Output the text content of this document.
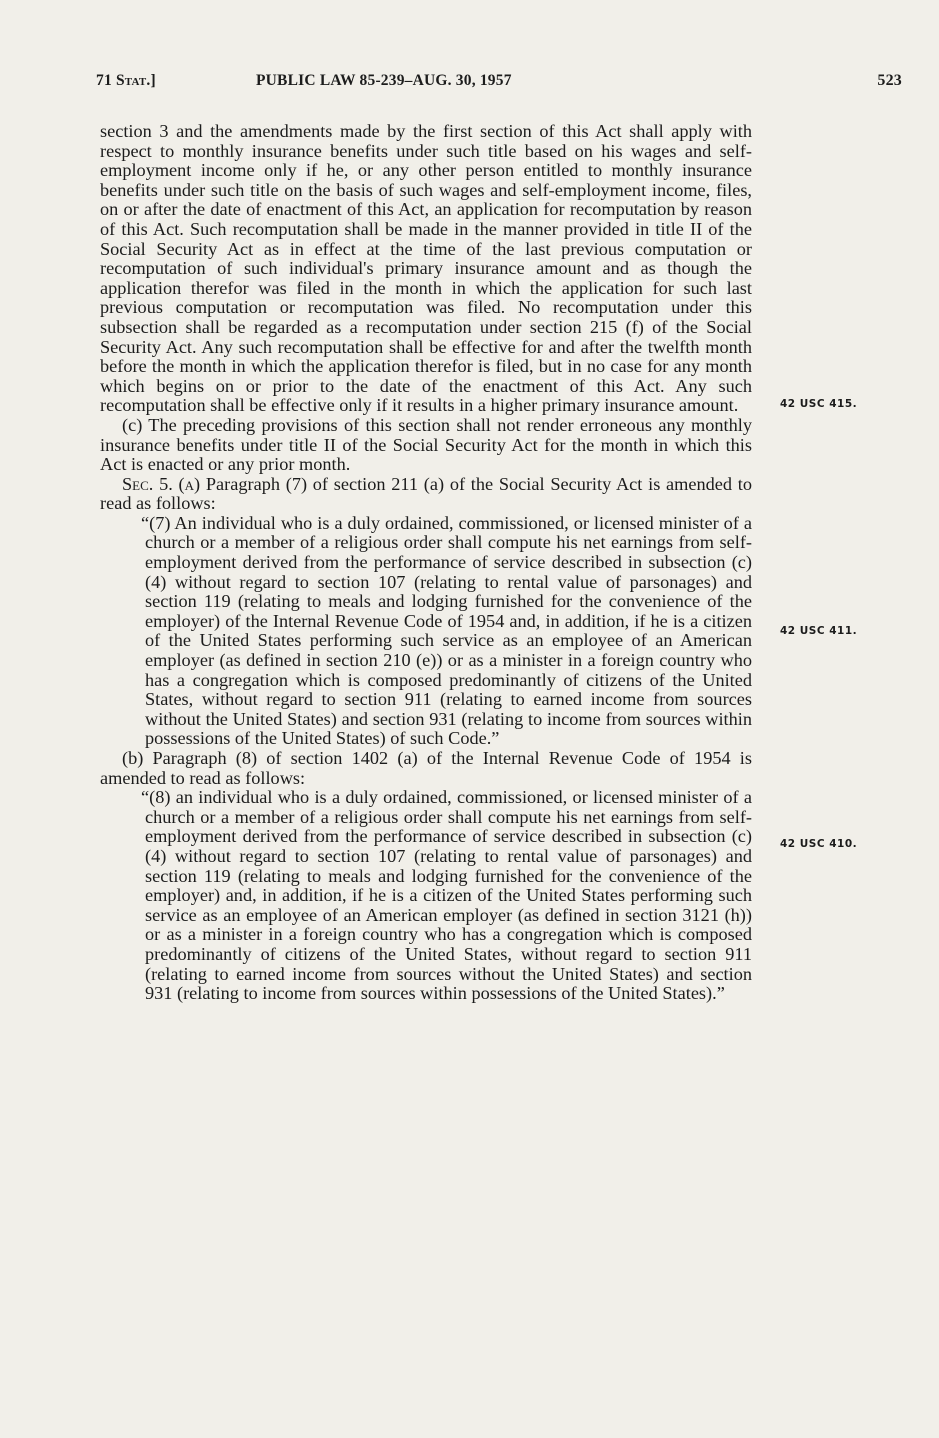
71 Stat.]	PUBLIC LAW 85-239–AUG. 30, 1957	523

section 3 and the amendments made by the first section of this Act shall apply with respect to monthly insurance benefits under such title based on his wages and self-employment income only if he, or any other person entitled to monthly insurance benefits under such title on the basis of such wages and self-employment income, files, on or after the date of enactment of this Act, an application for recomputation by reason of this Act. Such recomputation shall be made in the manner provided in title II of the Social Security Act as in effect at the time of the last previous computation or recomputation of such individual's primary insurance amount and as though the application therefor was filed in the month in which the application for such last previous computation or recomputation was filed. No recomputation under this subsection shall be regarded as a recomputation under section 215 (f) of the Social Security Act. Any such recomputation shall be effective for and after the twelfth month before the month in which the application therefor is filed, but in no case for any month which begins on or prior to the date of the enactment of this Act. Any such recomputation shall be effective only if it results in a higher primary insurance amount.

(c) The preceding provisions of this section shall not render erroneous any monthly insurance benefits under title II of the Social Security Act for the month in which this Act is enacted or any prior month.

Sec. 5. (a) Paragraph (7) of section 211 (a) of the Social Security Act is amended to read as follows:

“(7) An individual who is a duly ordained, commissioned, or licensed minister of a church or a member of a religious order shall compute his net earnings from self-employment derived from the performance of service described in subsection (c) (4) without regard to section 107 (relating to rental value of parsonages) and section 119 (relating to meals and lodging furnished for the convenience of the employer) of the Internal Revenue Code of 1954 and, in addition, if he is a citizen of the United States performing such service as an employee of an American employer (as defined in section 210 (e)) or as a minister in a foreign country who has a congregation which is composed predominantly of citizens of the United States, without regard to section 911 (relating to earned income from sources without the United States) and section 931 (relating to income from sources within possessions of the United States) of such Code.”

(b) Paragraph (8) of section 1402 (a) of the Internal Revenue Code of 1954 is amended to read as follows:

“(8) an individual who is a duly ordained, commissioned, or licensed minister of a church or a member of a religious order shall compute his net earnings from self-employment derived from the performance of service described in subsection (c) (4) without regard to section 107 (relating to rental value of parsonages) and section 119 (relating to meals and lodging furnished for the convenience of the employer) and, in addition, if he is a citizen of the United States performing such service as an employee of an American employer (as defined in section 3121 (h)) or as a minister in a foreign country who has a congregation which is composed predominantly of citizens of the United States, without regard to section 911 (relating to earned income from sources without the United States) and section 931 (relating to income from sources within possessions of the United States).”

42 USC 415.
42 USC 411.
42 USC 410.
